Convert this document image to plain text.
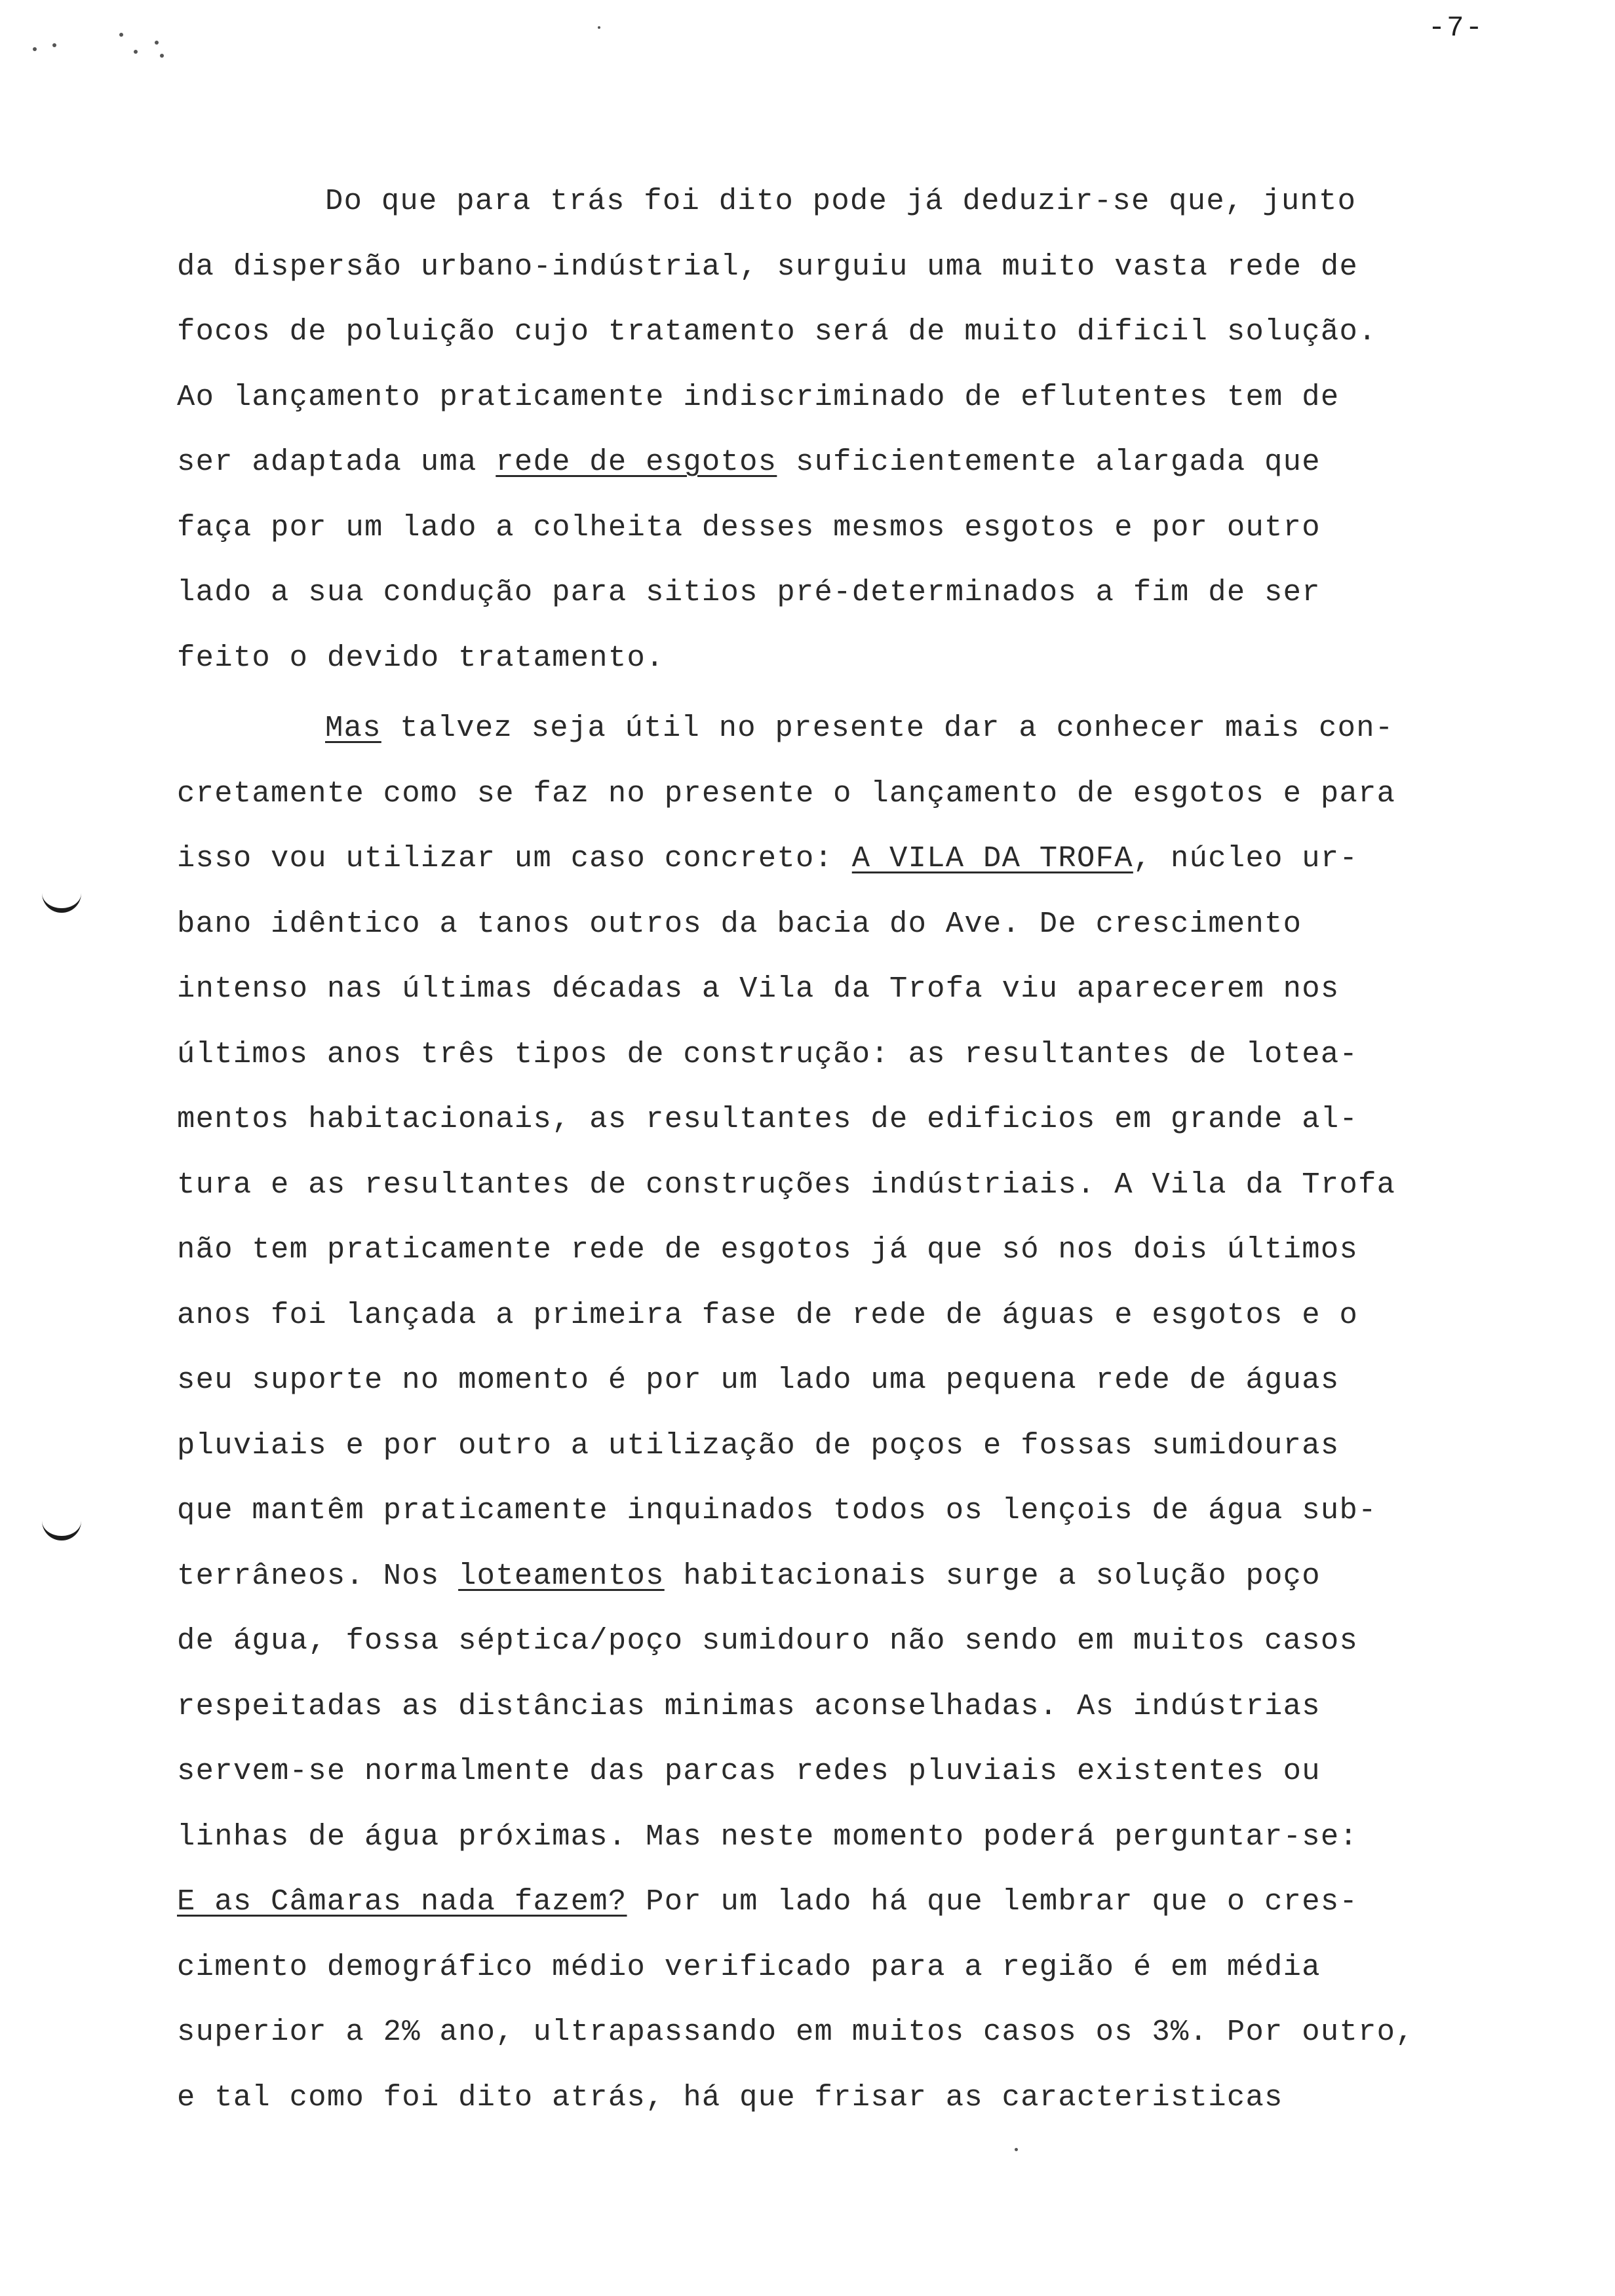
-7-
Do que para trás foi dito pode já deduzir-se que, junto
da dispersão urbano-indústrial, surguiu uma muito vasta rede de
focos de poluição cujo tratamento será de muito dificil solução.
Ao lançamento praticamente indiscriminado de eflutentes tem de
ser adaptada uma rede de esgotos suficientemente alargada que
faça por um lado a colheita desses mesmos esgotos e por outro
lado a sua condução para sitios pré-determinados a fim de ser
feito o devido tratamento.
Mas talvez seja útil no presente dar a conhecer mais con-
cretamente como se faz no presente o lançamento de esgotos e para
isso vou utilizar um caso concreto: A VILA DA TROFA, núcleo ur-
bano idêntico a tanos outros da bacia do Ave. De crescimento
intenso nas últimas décadas a Vila da Trofa viu aparecerem nos
últimos anos três tipos de construção: as resultantes de lotea-
mentos habitacionais, as resultantes de edificios em grande al-
tura e as resultantes de construções indústriais. A Vila da Trofa
não tem praticamente rede de esgotos já que só nos dois últimos
anos foi lançada a primeira fase de rede de águas e esgotos e o
seu suporte no momento é por um lado uma pequena rede de águas
pluviais e por outro a utilização de poços e fossas sumidouras
que mantêm praticamente inquinados todos os lençois de água sub-
terrâneos. Nos loteamentos habitacionais surge a solução poço
de água, fossa séptica/poço sumidouro não sendo em muitos casos
respeitadas as distâncias minimas aconselhadas. As indústrias
servem-se normalmente das parcas redes pluviais existentes ou
linhas de água próximas. Mas neste momento poderá perguntar-se:
E as Câmaras nada fazem? Por um lado há que lembrar que o cres-
cimento demográfico médio verificado para a região é em média
superior a 2% ano, ultrapassando em muitos casos os 3%. Por outro,
e tal como foi dito atrás, há que frisar as caracteristicas
